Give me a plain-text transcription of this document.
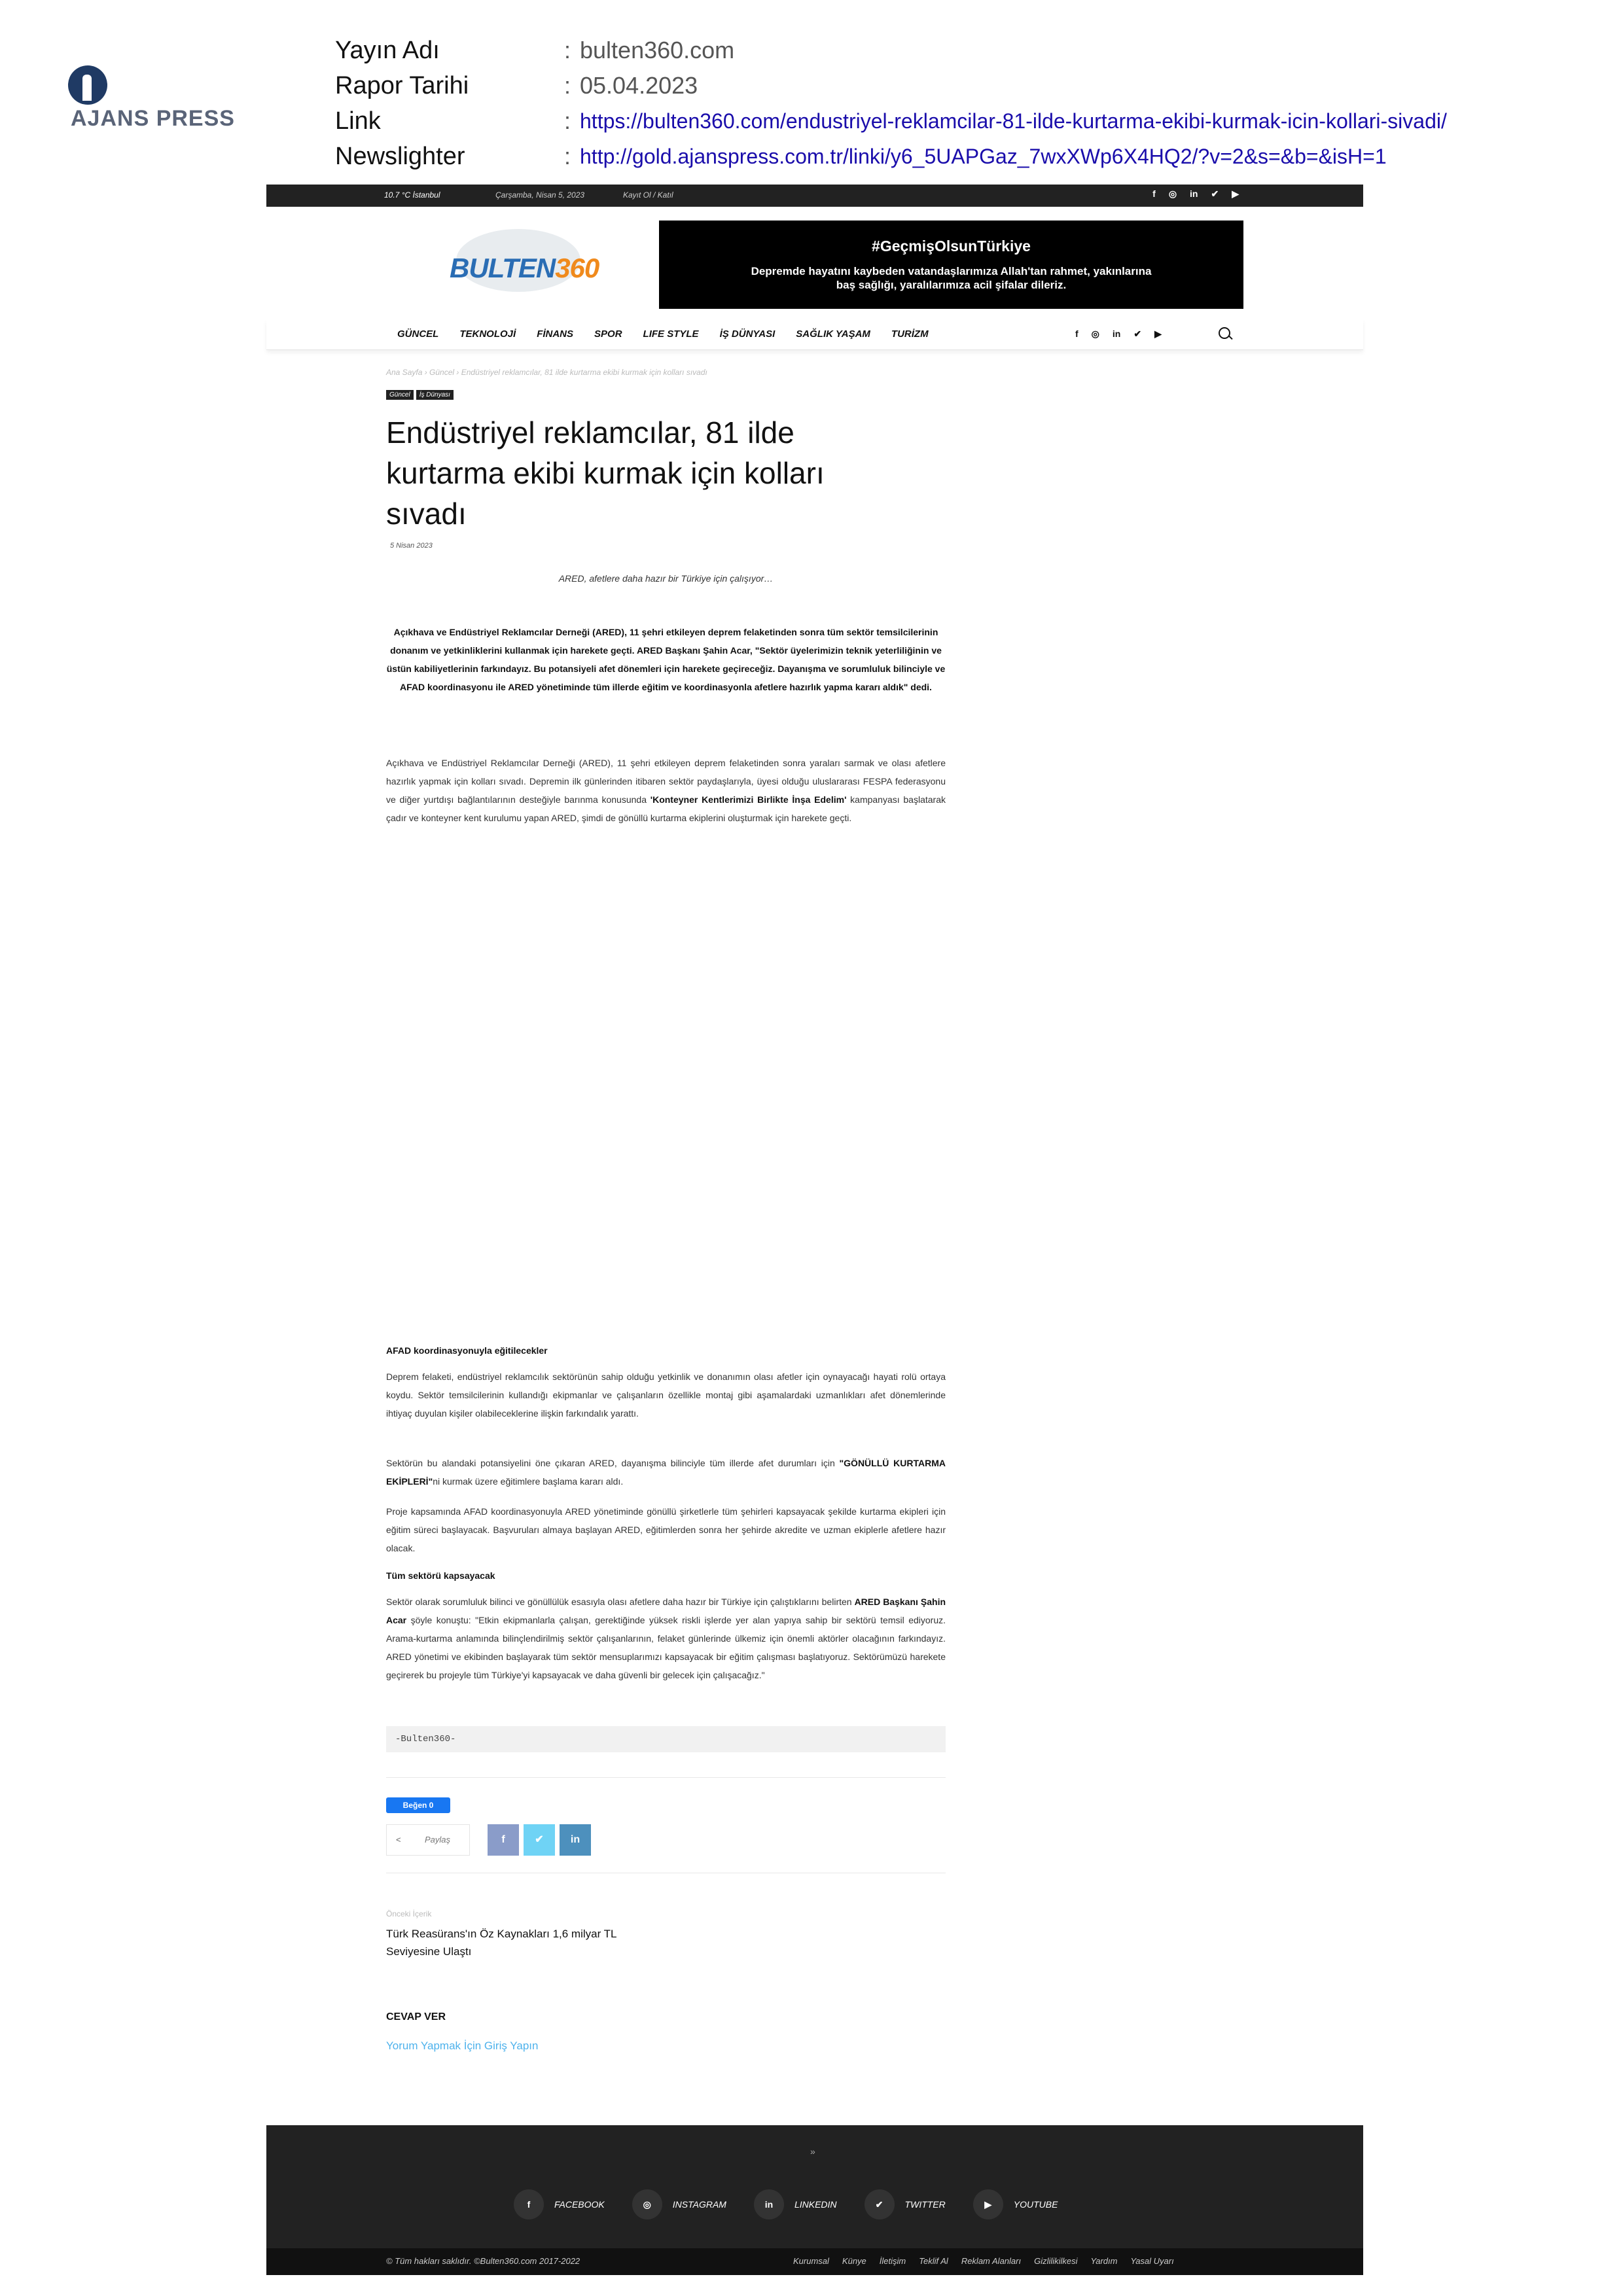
AJANS PRESS
Yayın Adı	: bulten360.com
Rapor Tarihi	: 05.04.2023
Link	: https://bulten360.com/endustriyel-reklamcilar-81-ilde-kurtarma-ekibi-kurmak-icin-kollari-sivadi/
Newslighter	: http://gold.ajanspress.com.tr/linki/y6_5UAPGaz_7wxXWp6X4HQ2/?v=2&s=&b=&isH=1
10.7 °C İstanbul	Çarşamba, Nisan 5, 2023	Kayıt Ol / Katıl	f ◎ in ✔ ▶
BULTEN360
#GeçmişOlsunTürkiye
Depremde hayatını kaybeden vatandaşlarımıza Allah'tan rahmet, yakınlarına baş sağlığı, yaralılarımıza acil şifalar dileriz.
GÜNCEL TEKNOLOJİ FİNANS SPOR LIFE STYLE İŞ DÜNYASI SAĞLIK YAŞAM TURİZM	f ◎ in ✔ ▶
Ana Sayfa › Güncel › Endüstriyel reklamcılar, 81 ilde kurtarma ekibi kurmak için kolları sıvadı
Güncel	İş Dünyası
Endüstriyel reklamcılar, 81 ilde kurtarma ekibi kurmak için kolları sıvadı
5 Nisan 2023
ARED, afetlere daha hazır bir Türkiye için çalışıyor…
Açıkhava ve Endüstriyel Reklamcılar Derneği (ARED), 11 şehri etkileyen deprem felaketinden sonra tüm sektör temsilcilerinin donanım ve yetkinliklerini kullanmak için harekete geçti. ARED Başkanı Şahin Acar, "Sektör üyelerimizin teknik yeterliliğinin ve üstün kabiliyetlerinin farkındayız. Bu potansiyeli afet dönemleri için harekete geçireceğiz. Dayanışma ve sorumluluk bilinciyle ve AFAD koordinasyonu ile ARED yönetiminde tüm illerde eğitim ve koordinasyonla afetlere hazırlık yapma kararı aldık" dedi.

Açıkhava ve Endüstriyel Reklamcılar Derneği (ARED), 11 şehri etkileyen deprem felaketinden sonra yaraları sarmak ve olası afetlere hazırlık yapmak için kolları sıvadı. Depremin ilk günlerinden itibaren sektör paydaşlarıyla, üyesi olduğu uluslararası FESPA federasyonu ve diğer yurtdışı bağlantılarının desteğiyle barınma konusunda 'Konteyner Kentlerimizi Birlikte İnşa Edelim' kampanyası başlatarak çadır ve konteyner kent kurulumu yapan ARED, şimdi de gönüllü kurtarma ekiplerini oluşturmak için harekete geçti.

AFAD koordinasyonuyla eğitilecekler

Deprem felaketi, endüstriyel reklamcılık sektörünün sahip olduğu yetkinlik ve donanımın olası afetler için oynayacağı hayati rolü ortaya koydu. Sektör temsilcilerinin kullandığı ekipmanlar ve çalışanların özellikle montaj gibi aşamalardaki uzmanlıkları afet dönemlerinde ihtiyaç duyulan kişiler olabileceklerine ilişkin farkındalık yarattı.

Sektörün bu alandaki potansiyelini öne çıkaran ARED, dayanışma bilinciyle tüm illerde afet durumları için "GÖNÜLLÜ KURTARMA EKİPLERİ"ni kurmak üzere eğitimlere başlama kararı aldı.

Proje kapsamında AFAD koordinasyonuyla ARED yönetiminde gönüllü şirketlerle tüm şehirleri kapsayacak şekilde kurtarma ekipleri için eğitim süreci başlayacak. Başvuruları almaya başlayan ARED, eğitimlerden sonra her şehirde akredite ve uzman ekiplerle afetlere hazır olacak.

Tüm sektörü kapsayacak

Sektör olarak sorumluluk bilinci ve gönüllülük esasıyla olası afetlere daha hazır bir Türkiye için çalıştıklarını belirten ARED Başkanı Şahin Acar şöyle konuştu: "Etkin ekipmanlarla çalışan, gerektiğinde yüksek riskli işlerde yer alan yapıya sahip bir sektörü temsil ediyoruz. Arama-kurtarma anlamında bilinçlendirilmiş sektör çalışanlarının, felaket günlerinde ülkemiz için önemli aktörler olacağının farkındayız. ARED yönetimi ve ekibinden başlayarak tüm sektör mensuplarımızı kapsayacak bir eğitim çalışması başlatıyoruz. Sektörümüzü harekete geçirerek bu projeyle tüm Türkiye'yi kapsayacak ve daha güvenli bir gelecek için çalışacağız."

-Bulten360-
Beğen 0
<	Paylaş	f	✔	in
Önceki İçerik
Türk Reasürans'ın Öz Kaynakları 1,6 milyar TL Seviyesine Ulaştı
CEVAP VER
Yorum Yapmak İçin Giriş Yapın
»
f	FACEBOOK	◎	INSTAGRAM	in	LINKEDIN	✔	TWITTER	▶	YOUTUBE
© Tüm hakları saklıdır. ©Bulten360.com 2017-2022	Kurumsal Künye İletişim Teklif Al Reklam Alanları Gizlilikilkesi Yardım Yasal Uyarı
